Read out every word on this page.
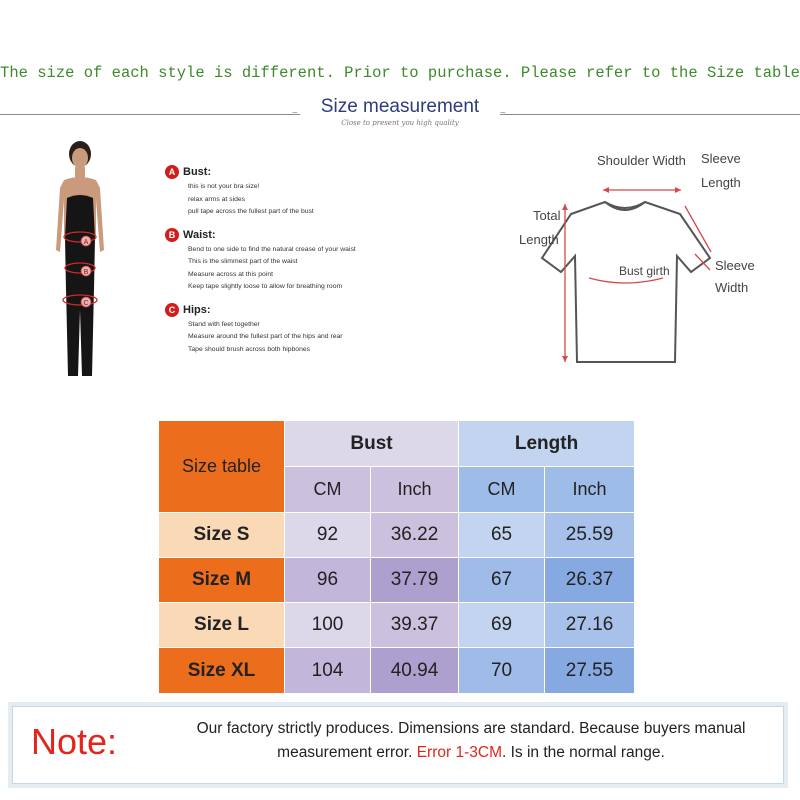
The size of each style is different. Prior to purchase. Please refer to the Size table
~	~
Size measurement
Close to present you high quality
A
B
C
A Bust:
this is not your bra size!
relax arms at sides
pull tape across the fullest part of the bust
B Waist:
Bend to one side to find the natural crease of your waist
This is the slimmest part of the waist
Measure across at this point
Keep tape slightly loose to allow for breathing room
C Hips:
Stand with feet together
Measure around the fullest part of the hips and rear
Tape should brush across both hipbones
Shoulder Width Sleeve
Length
Total
Length
Bust girth	Sleeve
Width
Size table	Bust		Length	
	CM	Inch	CM	Inch
Size S	92	36.22	65	25.59
Size M	96	37.79	67	26.37
Size L	100	39.37	69	27.16
Size XL	104	40.94	70	27.55
Note:	Our factory strictly produces. Dimensions are standard. Because buyers manual
measurement error. Error 1-3CM. Is in the normal range.
